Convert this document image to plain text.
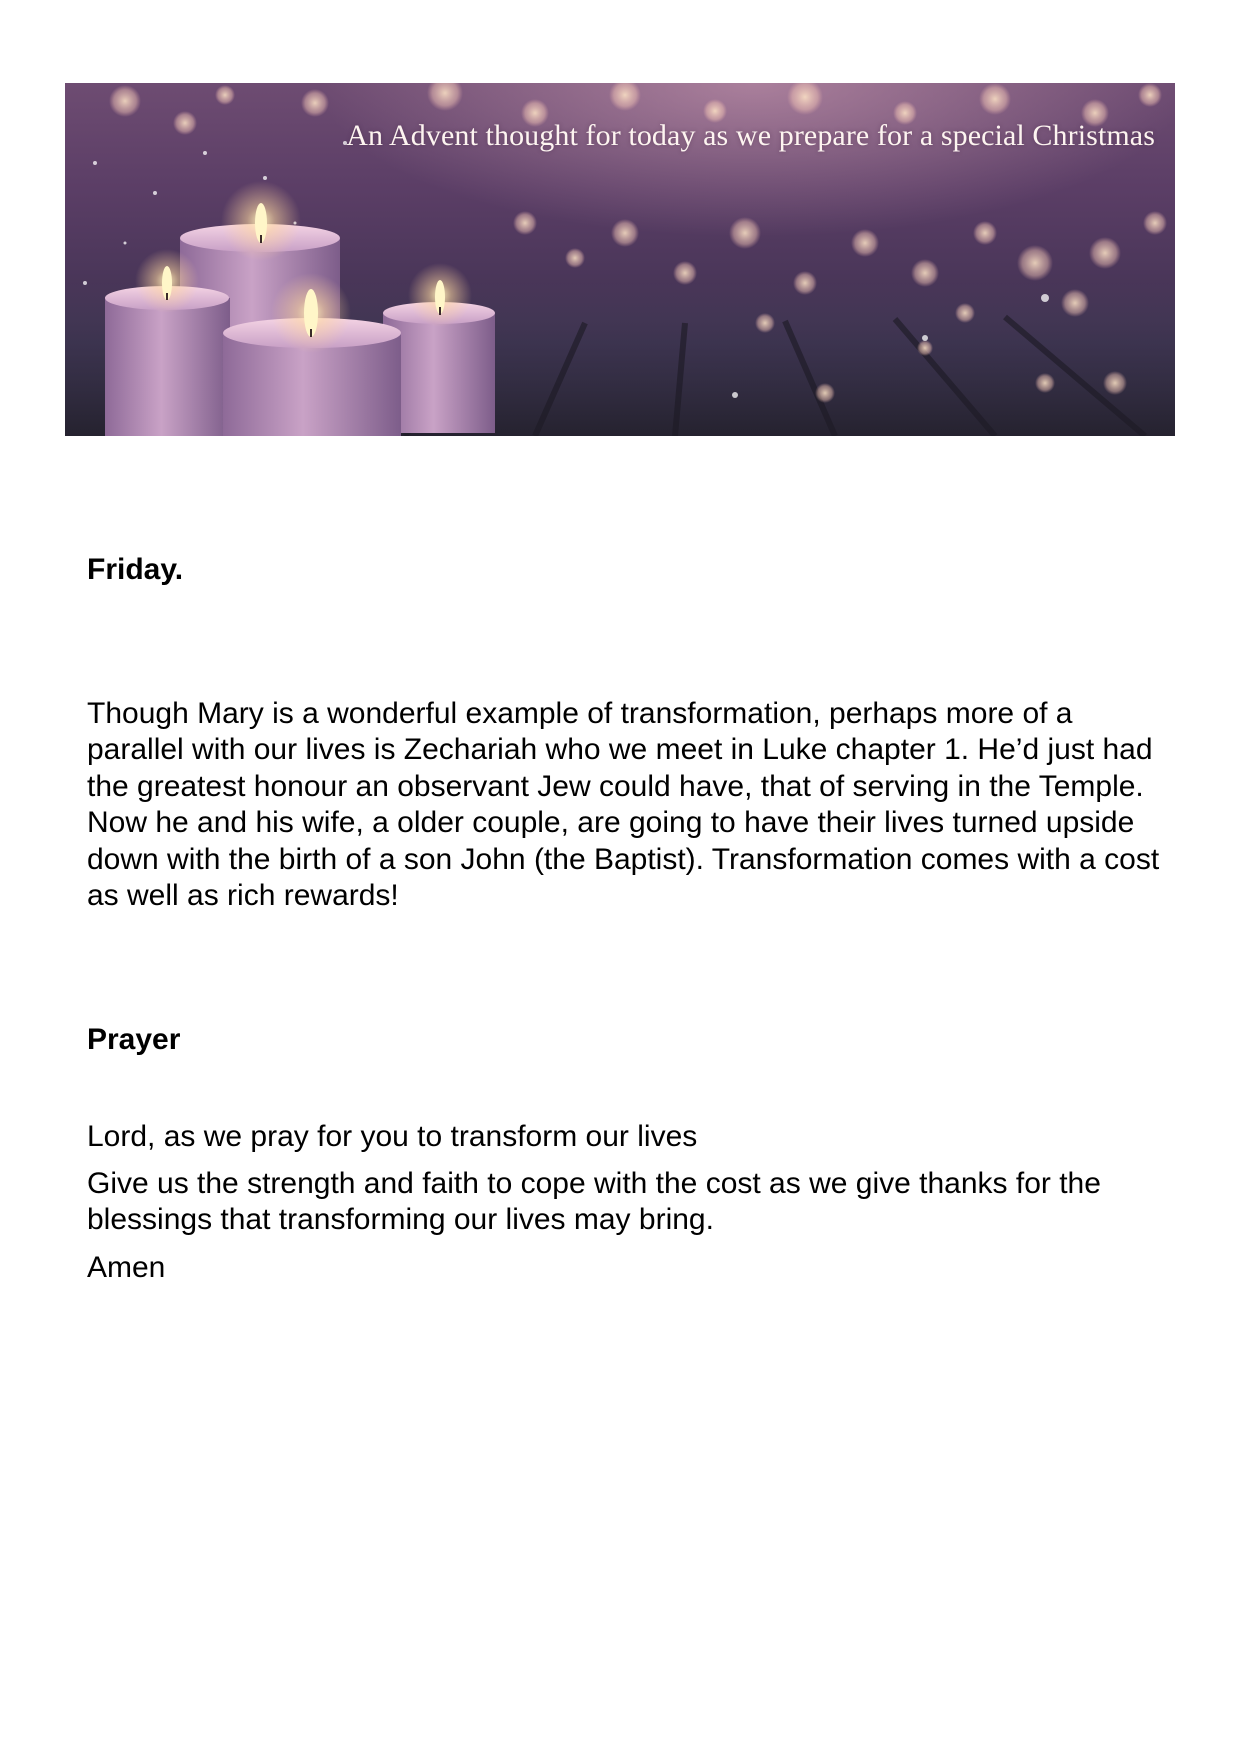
An Advent thought for today as we prepare for a special Christmas

Friday.

Though Mary is a wonderful example of transformation, perhaps more of a parallel with our lives is Zechariah who we meet in Luke chapter 1. He’d just had the greatest honour an observant Jew could have, that of serving in the Temple. Now he and his wife, a older couple, are going to have their lives turned upside down with the birth of a son John (the Baptist). Transformation comes with a cost as well as rich rewards!

Prayer

Lord, as we pray for you to transform our lives

Give us the strength and faith to cope with the cost as we give thanks for the blessings that transforming our lives may bring.

Amen
